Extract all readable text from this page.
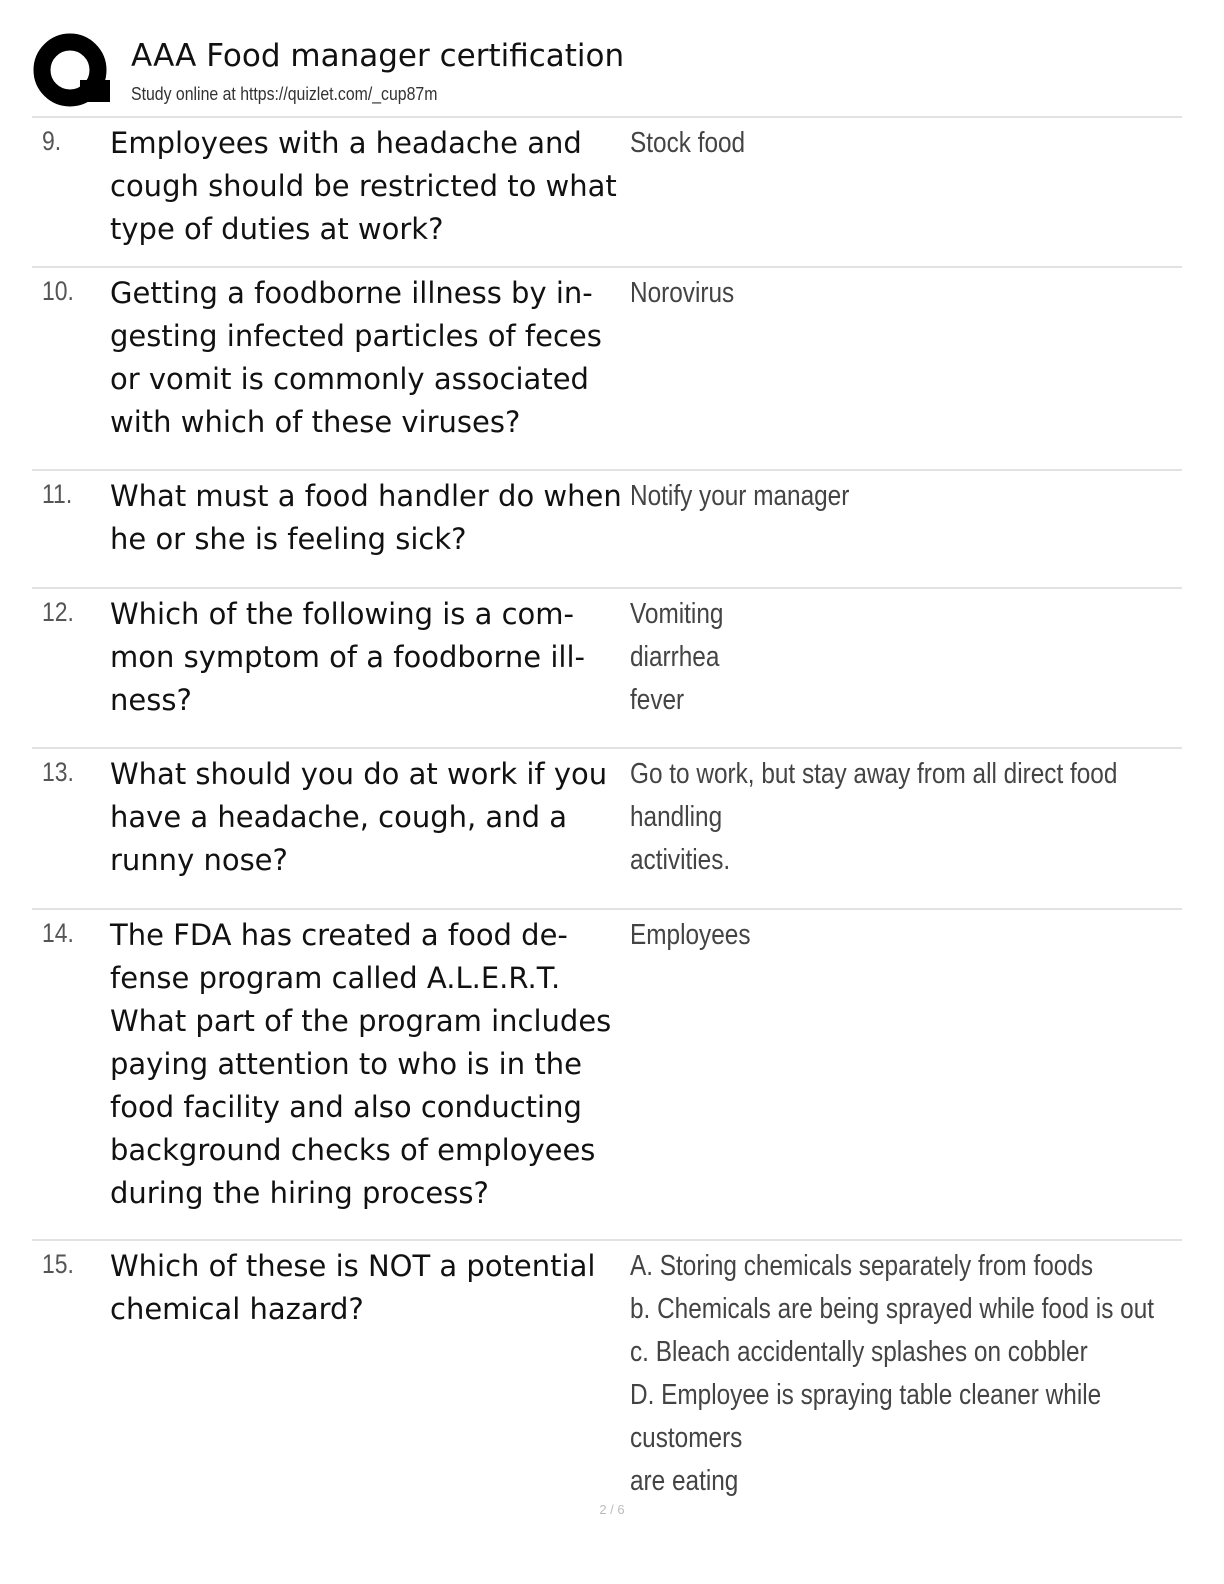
AAA Food manager certification
Study online at https://quizlet.com/_cup87m
9. Employees with a headache and
cough should be restricted to what
type of duties at work?
Stock food
10. Getting a foodborne illness by in-
gesting infected particles of feces
or vomit is commonly associated
with which of these viruses?
Norovirus
11. What must a food handler do when
he or she is feeling sick?
Notify your manager
12. Which of the following is a com-
mon symptom of a foodborne ill-
ness?
Vomiting
diarrhea
fever
13. What should you do at work if you
have a headache, cough, and a
runny nose?
Go to work, but stay away from all direct food handling
activities.
14. The FDA has created a food de-
fense program called A.L.E.R.T.
What part of the program includes
paying attention to who is in the
food facility and also conducting
background checks of employees
during the hiring process?
Employees
15. Which of these is NOT a potential
chemical hazard?
A. Storing chemicals separately from foods
b. Chemicals are being sprayed while food is out
c. Bleach accidentally splashes on cobbler
D. Employee is spraying table cleaner while customers
are eating
2 / 6
